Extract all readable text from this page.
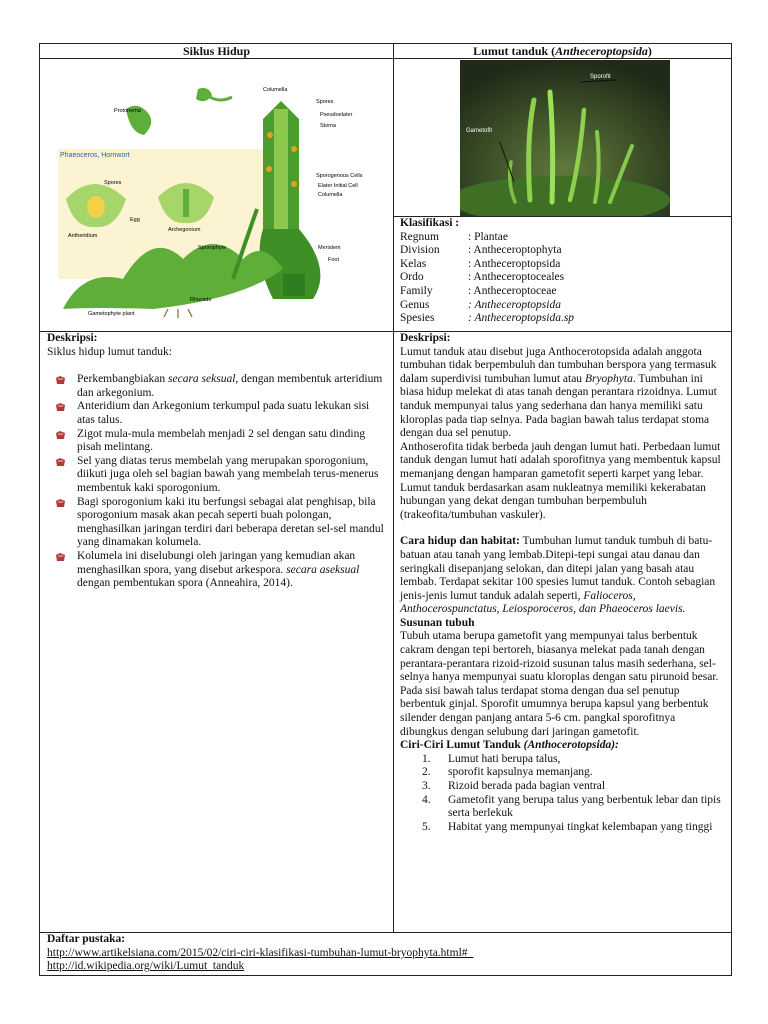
Siklus Hidup	Lumut tanduk (Antheceroptopsida)
Protonema
Columella
Spores
Pseudoelater
Stoma
Sporogenous Cells
Elater Initial Cell
Columella
Meristem
Foot
Phaeoceros, Hornwort
Spores
Egg
Antheridium
Archegonium
Sporophyte
Rhizoids
Gametophyte plant
Sporofit
Gametofit
Klasifikasi :
Regnum	: Plantae
Division	: Antheceroptophyta
Kelas	: Antheceroptopsida
Ordo	: Antheceroptoceales
Family	: Antheceroptoceae
Genus	: Antheceroptopsida
Spesies	: Antheceroptopsida.sp
Deskripsi:
Siklus hidup lumut tanduk:
Perkembangbiakan secara seksual, dengan membentuk arteridium dan arkegonium.
Anteridium dan Arkegonium terkumpul pada suatu lekukan sisi atas talus.
Zigot mula-mula membelah menjadi 2 sel dengan satu dinding pisah melintang.
Sel yang diatas terus membelah yang merupakan sporogonium, diikuti juga oleh sel bagian bawah yang membelah terus-menerus membentuk kaki sporogonium.
Bagi sporogonium kaki itu berfungsi sebagai alat penghisap, bila sporogonium masak akan pecah seperti buah polongan, menghasilkan jaringan terdiri dari beberapa deretan sel-sel mandul yang dinamakan kolumela.
Kolumela ini diselubungi oleh jaringan yang kemudian akan menghasilkan spora, yang disebut arkespora. secara aseksual dengan pembentukan spora (Anneahira, 2014).
Deskripsi:
Lumut tanduk atau disebut juga Anthocerotopsida adalah anggota tumbuhan tidak berpembuluh dan tumbuhan berspora yang termasuk dalam superdivisi tumbuhan lumut atau Bryophyta. Tumbuhan ini biasa hidup melekat di atas tanah dengan perantara rizoidnya. Lumut tanduk mempunyai talus yang sederhana dan hanya memiliki satu kloroplas pada tiap selnya. Pada bagian bawah talus terdapat stoma dengan dua sel penutup.
Anthoserofita tidak berbeda jauh dengan lumut hati. Perbedaan lumut tanduk dengan lumut hati adalah sporofitnya yang membentuk kapsul memanjang dengan hamparan gametofit seperti karpet yang lebar. Lumut tanduk berdasarkan asam nukleatnya memiliki kekerabatan hubungan yang dekat dengan tumbuhan berpembuluh (trakeofita/tumbuhan vaskuler).
Cara hidup dan habitat: Tumbuhan lumut tanduk tumbuh di batu-batuan atau tanah yang lembab.Ditepi-tepi sungai atau danau dan seringkali disepanjang selokan, dan ditepi jalan yang basah atau lembab. Terdapat sekitar 100 spesies lumut tanduk. Contoh sebagian jenis-jenis lumut tanduk adalah seperti, Falioceros, Anthocerospunctatus, Leiosporoceros, dan Phaeoceros laevis.
Susunan tubuh
Tubuh utama berupa gametofit yang mempunyai talus berbentuk cakram dengan tepi bertoreh, biasanya melekat pada tanah dengan perantara-perantara rizoid-rizoid susunan talus masih sederhana, sel-selnya hanya mempunyai suatu kloroplas dengan satu pirunoid besar. Pada sisi bawah talus terdapat stoma dengan dua sel penutup berbentuk ginjal. Sporofit umumnya berupa kapsul yang berbentuk silender dengan panjang antara 5-6 cm. pangkal sporofitnya dibungkus dengan selubung dari jaringan gametofit.
Ciri-Ciri Lumut Tanduk (Anthocerotopsida):
1. Lumut hati berupa talus,
2. sporofit kapsulnya memanjang.
3. Rizoid berada pada bagian ventral
4. Gametofit yang berupa talus yang berbentuk lebar dan tipis serta berlekuk
5. Habitat yang mempunyai tingkat kelembapan yang tinggi
Daftar pustaka:
http://www.artikelsiana.com/2015/02/ciri-ciri-klasifikasi-tumbuhan-lumut-bryophyta.html#_
http://id.wikipedia.org/wiki/Lumut_tanduk
